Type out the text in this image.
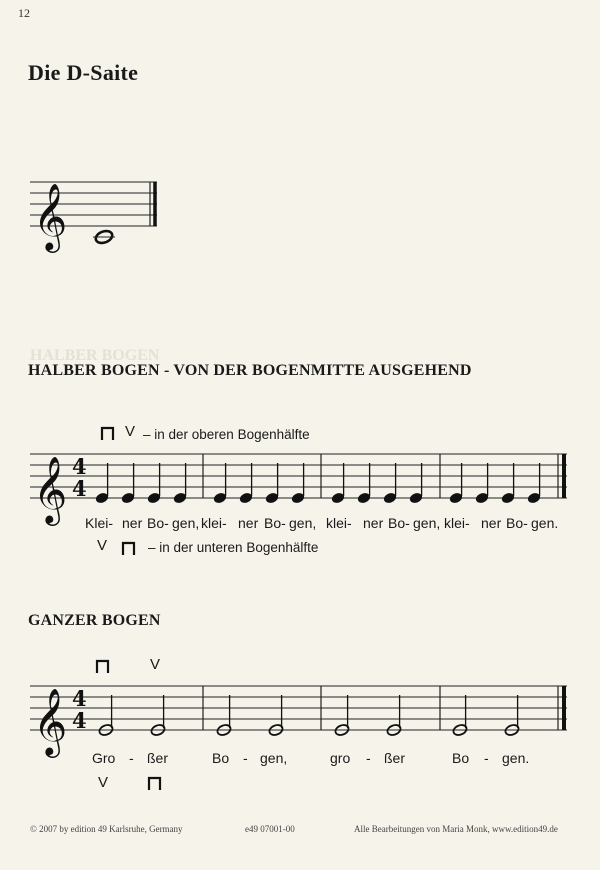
12
Die D-Saite
𝄞
HALBER BOGEN
HALBER BOGEN - VON DER BOGENMITTE AUSGEHEND
V – in der oberen Bogenhälfte
𝄞 4
4
Klei- ner Bo- gen, klei- ner Bo- gen, klei- ner Bo- gen, klei- ner Bo- gen.
V	– in der unteren Bogenhälfte
GANZER BOGEN
V
𝄞 4
4
Gro - ßer	Bo - gen,	gro - ßer	Bo - gen.
V
© 2007 by edition 49 Karlsruhe, Germany	e49 07001-00	Alle Bearbeitungen von Maria Monk, www.edition49.de
